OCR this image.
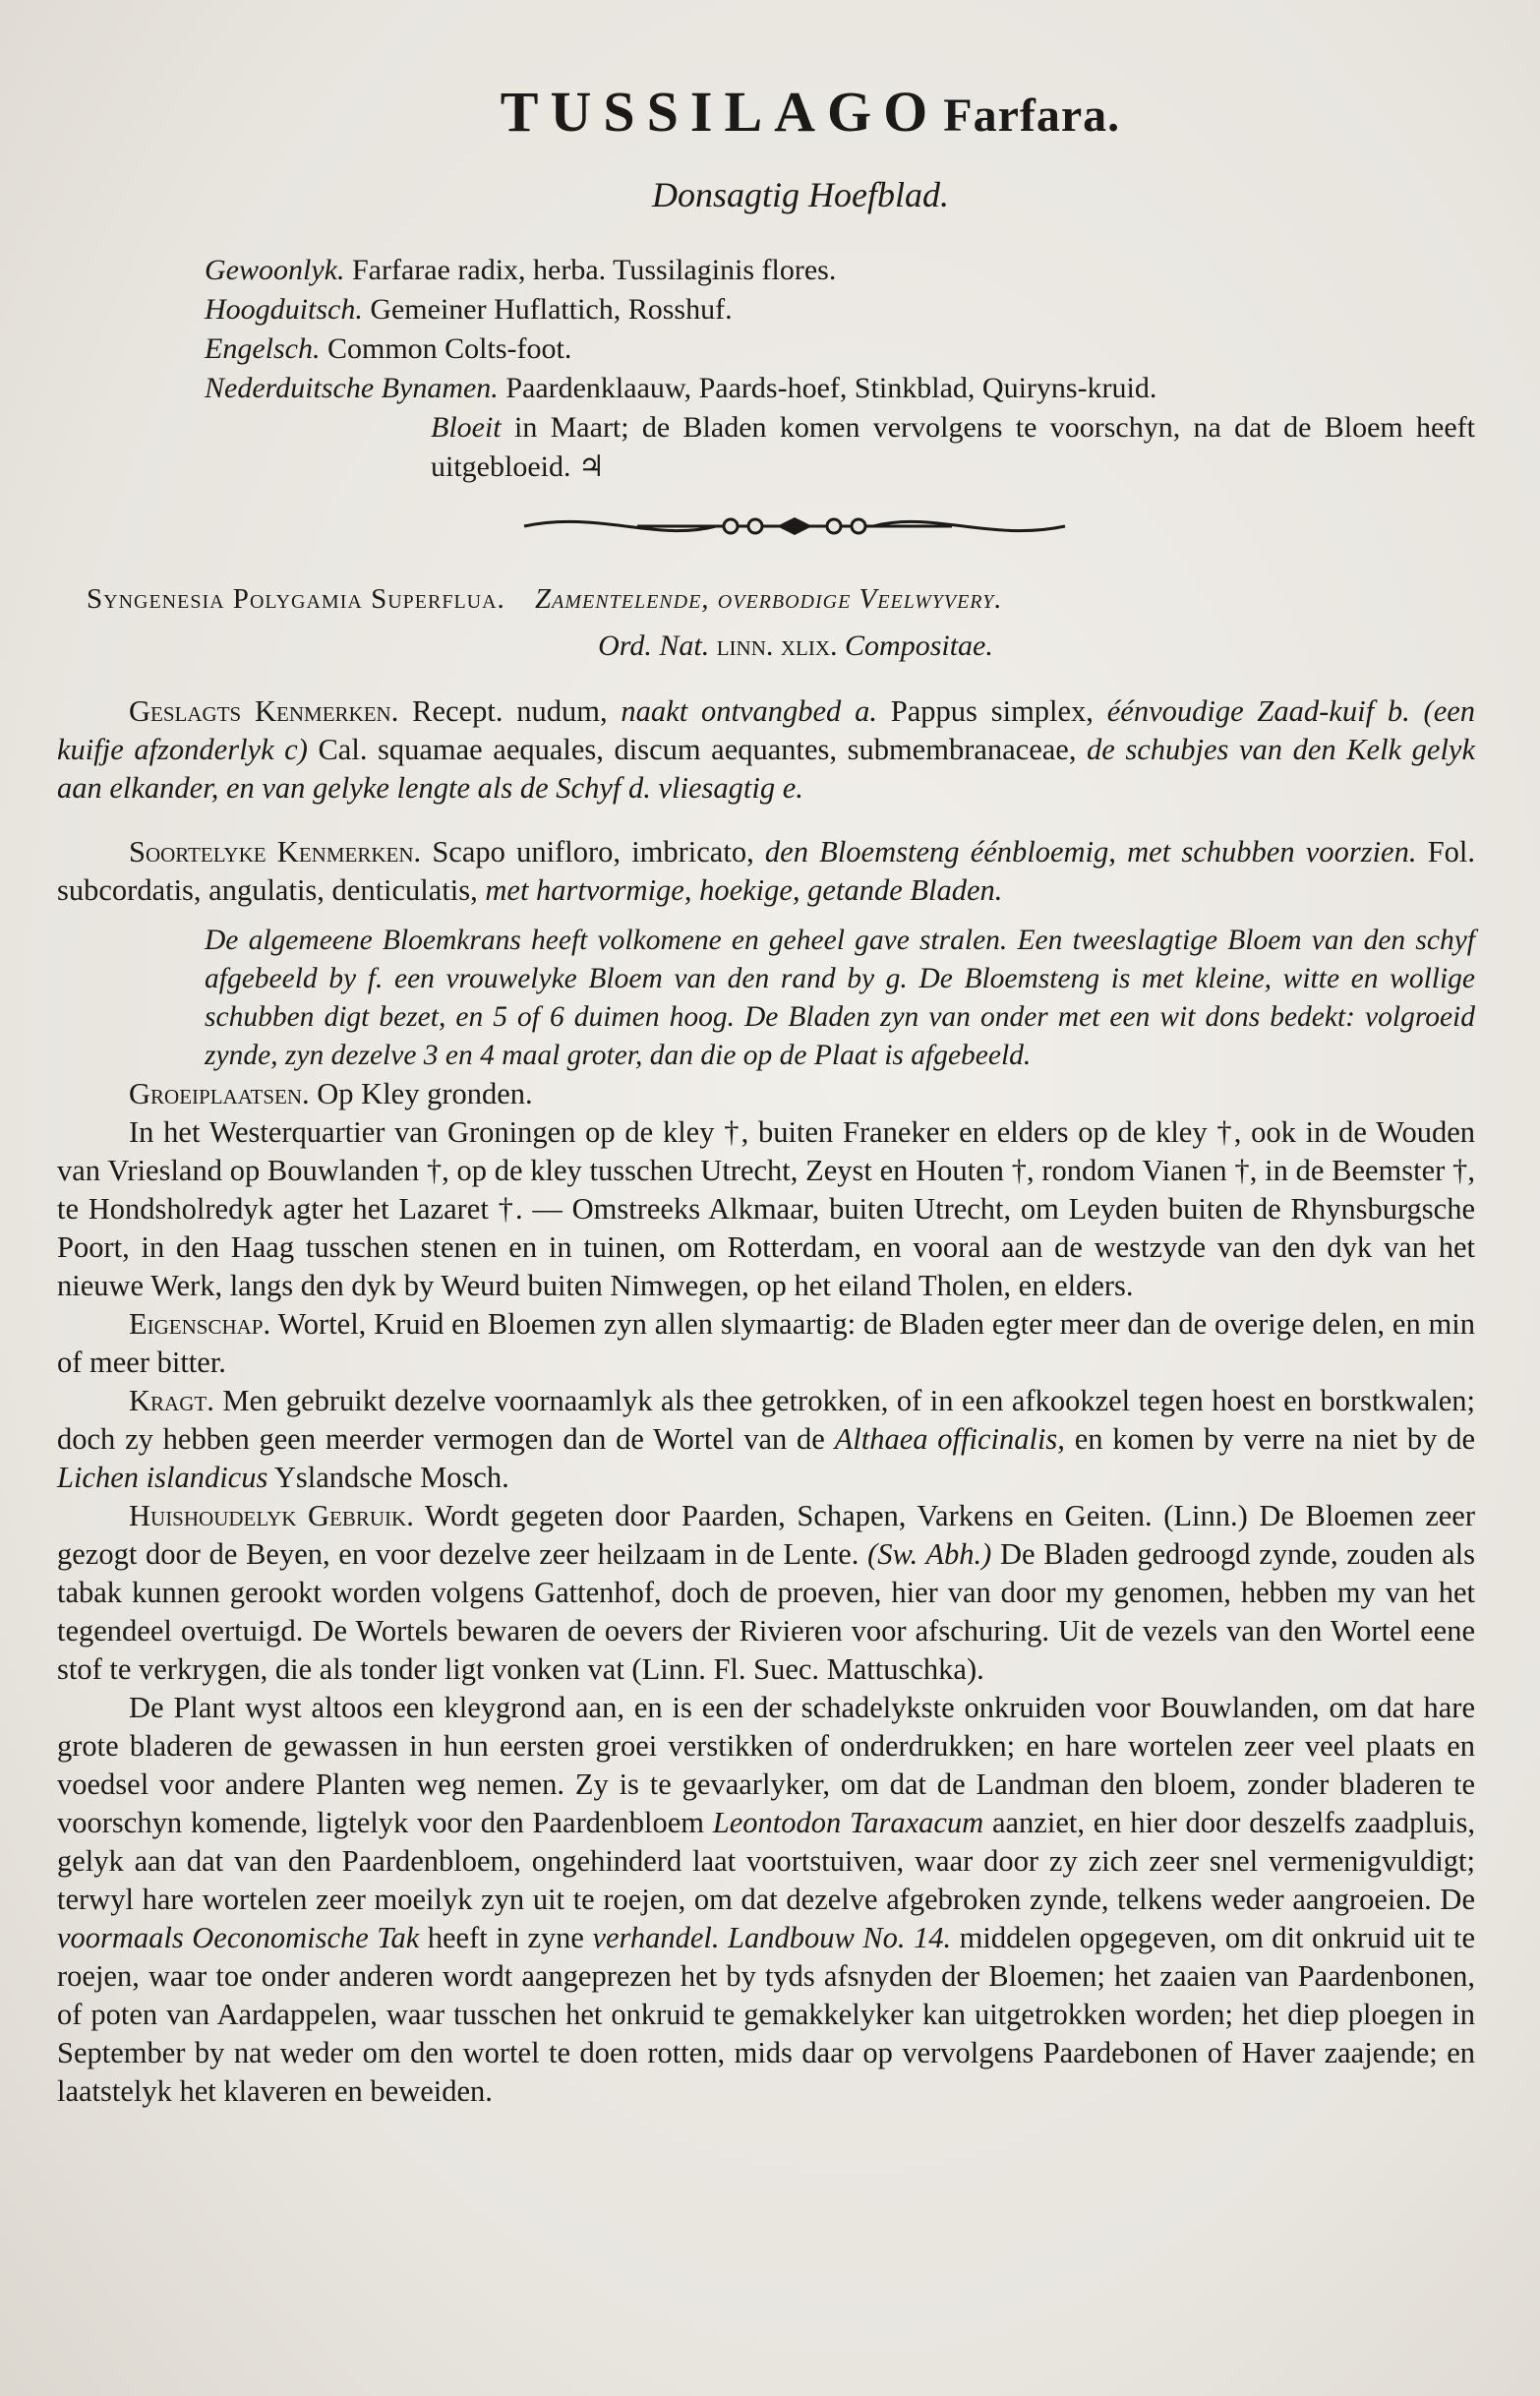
TUSSILAGO Farfara.
Donsagtig Hoefblad.
Gewoonlyk. Farfarae radix, herba. Tussilaginis flores.
Hoogduitsch. Gemeiner Huflattich, Rosshuf.
Engelsch. Common Colts-foot.
Nederduitsche Bynamen. Paardenklaauw, Paards-hoef, Stinkblad, Quiryns-kruid.
Bloeit in Maart; de Bladen komen vervolgens te voorschyn, na dat de Bloem heeft uitgebloeid. ♃
Syngenesia Polygamia Superflua. Zamentelende, overbodige Veelwyvery.
Ord. Nat. linn. xlix. Compositae.

Geslagts Kenmerken. Recept. nudum, naakt ontvangbed a. Pappus simplex, éénvoudige Zaad-kuif b. (een kuifje afzonderlyk c) Cal. squamae aequales, discum aequantes, submembranaceae, de schubjes van den Kelk gelyk aan elkander, en van gelyke lengte als de Schyf d. vliesagtig e.

Soortelyke Kenmerken. Scapo unifloro, imbricato, den Bloemsteng éénbloemig, met schubben voorzien. Fol. subcordatis, angulatis, denticulatis, met hartvormige, hoekige, getande Bladen.

De algemeene Bloemkrans heeft volkomene en geheel gave stralen. Een tweeslagtige Bloem van den schyf afgebeeld by f. een vrouwelyke Bloem van den rand by g. De Bloemsteng is met kleine, witte en wollige schubben digt bezet, en 5 of 6 duimen hoog. De Bladen zyn van onder met een wit dons bedekt: volgroeid zynde, zyn dezelve 3 en 4 maal groter, dan die op de Plaat is afgebeeld.

Groeiplaatsen. Op Kley gronden.

In het Westerquartier van Groningen op de kley †, buiten Franeker en elders op de kley †, ook in de Wouden van Vriesland op Bouwlanden †, op de kley tusschen Utrecht, Zeyst en Houten †, rondom Vianen †, in de Beemster †, te Hondsholredyk agter het Lazaret †. — Omstreeks Alkmaar, buiten Utrecht, om Leyden buiten de Rhynsburgsche Poort, in den Haag tusschen stenen en in tuinen, om Rotterdam, en vooral aan de westzyde van den dyk van het nieuwe Werk, langs den dyk by Weurd buiten Nimwegen, op het eiland Tholen, en elders.

Eigenschap. Wortel, Kruid en Bloemen zyn allen slymaartig: de Bladen egter meer dan de overige delen, en min of meer bitter.

Kragt. Men gebruikt dezelve voornaamlyk als thee getrokken, of in een afkookzel tegen hoest en borstkwalen; doch zy hebben geen meerder vermogen dan de Wortel van de Althaea officinalis, en komen by verre na niet by de Lichen islandicus Yslandsche Mosch.

Huishoudelyk Gebruik. Wordt gegeten door Paarden, Schapen, Varkens en Geiten. (Linn.) De Bloemen zeer gezogt door de Beyen, en voor dezelve zeer heilzaam in de Lente. (Sw. Abh.) De Bladen gedroogd zynde, zouden als tabak kunnen gerookt worden volgens Gattenhof, doch de proeven, hier van door my genomen, hebben my van het tegendeel overtuigd. De Wortels bewaren de oevers der Rivieren voor afschuring. Uit de vezels van den Wortel eene stof te verkrygen, die als tonder ligt vonken vat (Linn. Fl. Suec. Mattuschka).

De Plant wyst altoos een kleygrond aan, en is een der schadelykste onkruiden voor Bouwlanden, om dat hare grote bladeren de gewassen in hun eersten groei verstikken of onderdrukken; en hare wortelen zeer veel plaats en voedsel voor andere Planten weg nemen. Zy is te gevaarlyker, om dat de Landman den bloem, zonder bladeren te voorschyn komende, ligtelyk voor den Paardenbloem Leontodon Taraxacum aanziet, en hier door deszelfs zaadpluis, gelyk aan dat van den Paardenbloem, ongehinderd laat voortstuiven, waar door zy zich zeer snel vermenigvuldigt; terwyl hare wortelen zeer moeilyk zyn uit te roejen, om dat dezelve afgebroken zynde, telkens weder aangroeien. De voormaals Oeconomische Tak heeft in zyne verhandel. Landbouw No. 14. middelen opgegeven, om dit onkruid uit te roejen, waar toe onder anderen wordt aangeprezen het by tyds afsnyden der Bloemen; het zaaien van Paardenbonen, of poten van Aardappelen, waar tusschen het onkruid te gemakkelyker kan uitgetrokken worden; het diep ploegen in September by nat weder om den wortel te doen rotten, mids daar op vervolgens Paardebonen of Haver zaajende; en laatstelyk het klaveren en beweiden.
